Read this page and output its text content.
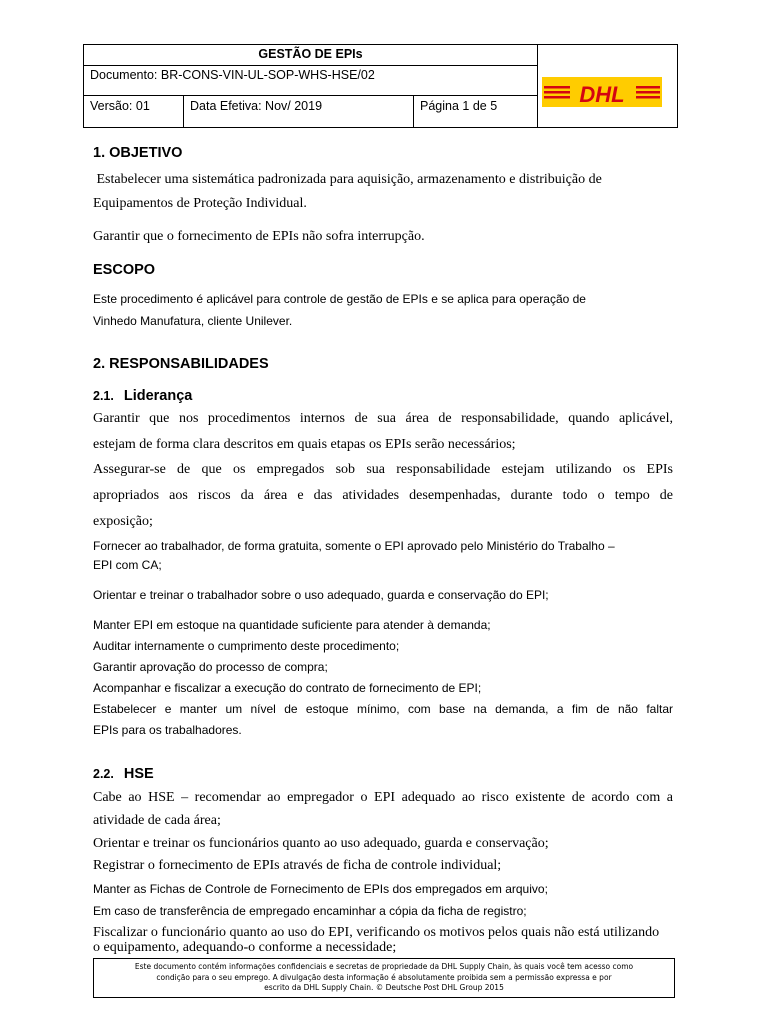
GESTÃO DE EPIs
Documento: BR-CONS-VIN-UL-SOP-WHS-HSE/02
Versão: 01	Data Efetiva: Nov/ 2019	Página 1 de 5	DHL
1. OBJETIVO
Estabelecer uma sistemática padronizada para aquisição, armazenamento e distribuição de
Equipamentos de Proteção Individual.
Garantir que o fornecimento de EPIs não sofra interrupção.
ESCOPO
Este procedimento é aplicável para controle de gestão de EPIs e se aplica para operação de
Vinhedo Manufatura, cliente Unilever.
2. RESPONSABILIDADES
2.1. Liderança
Garantir que nos procedimentos internos de sua área de responsabilidade, quando aplicável,
estejam de forma clara descritos em quais etapas os EPIs serão necessários;
Assegurar-se de que os empregados sob sua responsabilidade estejam utilizando os EPIs
apropriados aos riscos da área e das atividades desempenhadas, durante todo o tempo de
exposição;
Fornecer ao trabalhador, de forma gratuita, somente o EPI aprovado pelo Ministério do Trabalho –
EPI com CA;
Orientar e treinar o trabalhador sobre o uso adequado, guarda e conservação do EPI;
Manter EPI em estoque na quantidade suficiente para atender à demanda;
Auditar internamente o cumprimento deste procedimento;
Garantir aprovação do processo de compra;
Acompanhar e fiscalizar a execução do contrato de fornecimento de EPI;
Estabelecer e manter um nível de estoque mínimo, com base na demanda, a fim de não faltar
EPIs para os trabalhadores.
2.2. HSE
Cabe ao HSE – recomendar ao empregador o EPI adequado ao risco existente de acordo com a
atividade de cada área;
Orientar e treinar os funcionários quanto ao uso adequado, guarda e conservação;
Registrar o fornecimento de EPIs através de ficha de controle individual;
Manter as Fichas de Controle de Fornecimento de EPIs dos empregados em arquivo;
Em caso de transferência de empregado encaminhar a cópia da ficha de registro;
Fiscalizar o funcionário quanto ao uso do EPI, verificando os motivos pelos quais não está utilizando
o equipamento, adequando-o conforme a necessidade;
Este documento contém informações confidenciais e secretas de propriedade da DHL Supply Chain, às quais você tem acesso como
condição para o seu emprego. A divulgação desta informação é absolutamente proibida sem a permissão expressa e por
escrito da DHL Supply Chain. © Deutsche Post DHL Group 2015
